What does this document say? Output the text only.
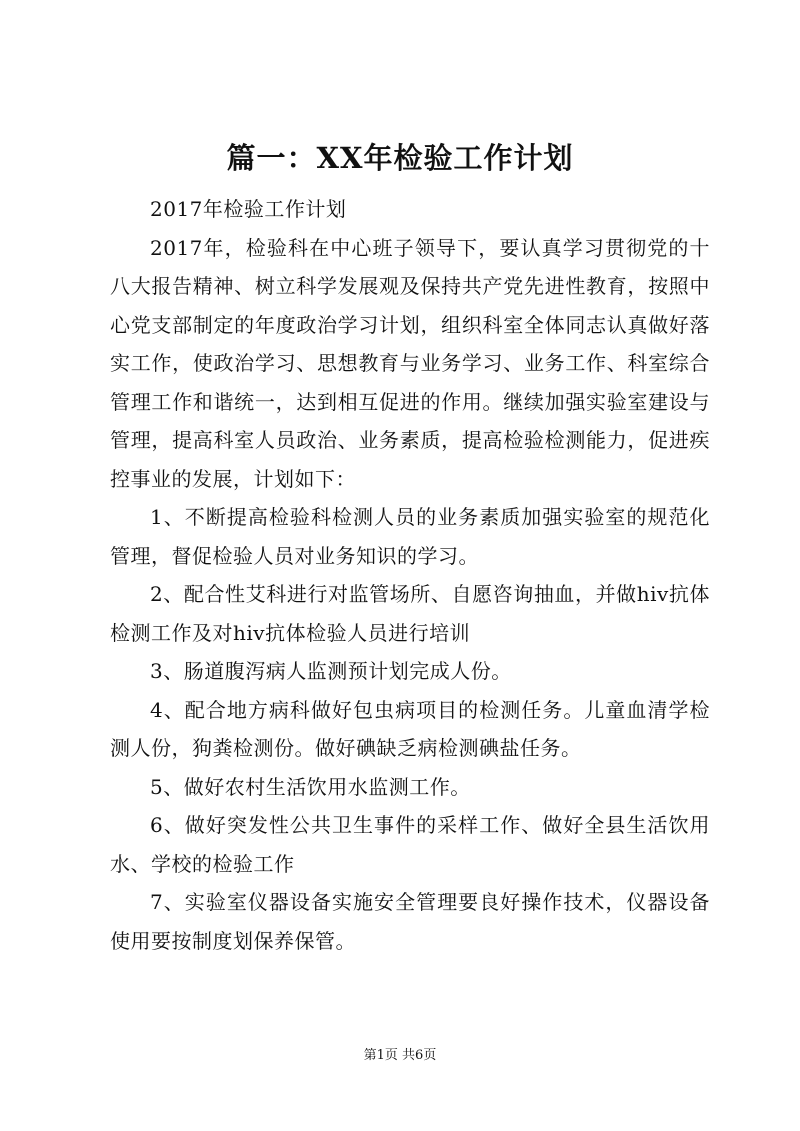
篇一：XX年检验工作计划

2017年检验工作计划

2017年，检验科在中心班子领导下，要认真学习贯彻党的十八大报告精神、树立科学发展观及保持共产党先进性教育，按照中心党支部制定的年度政治学习计划，组织科室全体同志认真做好落实工作，使政治学习、思想教育与业务学习、业务工作、科室综合管理工作和谐统一，达到相互促进的作用。继续加强实验室建设与管理，提高科室人员政治、业务素质，提高检验检测能力，促进疾控事业的发展，计划如下：

1、不断提高检验科检测人员的业务素质加强实验室的规范化管理，督促检验人员对业务知识的学习。

2、配合性艾科进行对监管场所、自愿咨询抽血，并做hiv抗体检测工作及对hiv抗体检验人员进行培训

3、肠道腹泻病人监测预计划完成人份。

4、配合地方病科做好包虫病项目的检测任务。儿童血清学检测人份，狗粪检测份。做好碘缺乏病检测碘盐任务。

5、做好农村生活饮用水监测工作。

6、做好突发性公共卫生事件的采样工作、做好全县生活饮用水、学校的检验工作

7、实验室仪器设备实施安全管理要良好操作技术，仪器设备使用要按制度划保养保管。

第1页 共6页
